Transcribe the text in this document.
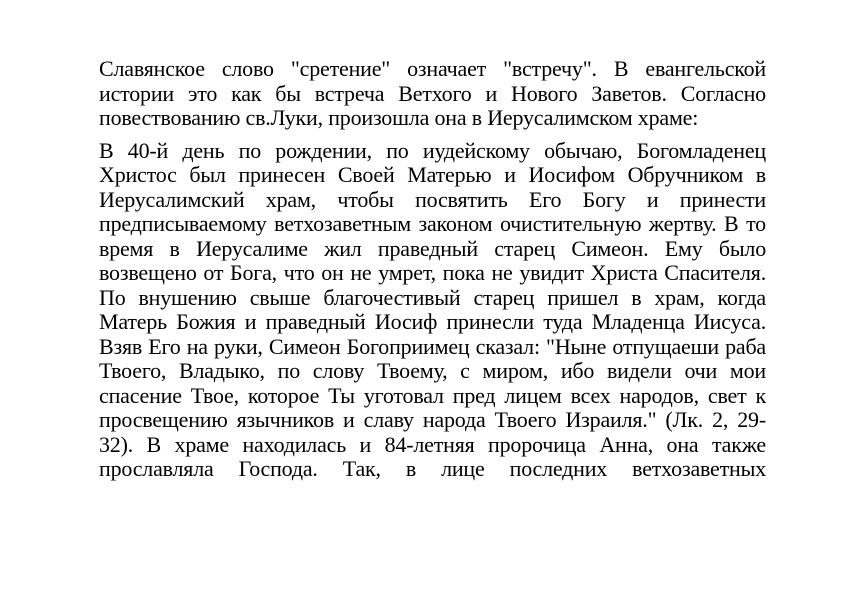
Славянское слово "сретение" означает "встречу". В евангельской
истории это как бы встреча Ветхого и Нового Заветов. Согласно
повествованию св.Луки, произошла она в Иерусалимском храме:

В 40-й день по рождении, по иудейскому обычаю, Богомладенец
Христос был принесен Своей Матерью и Иосифом Обручником в
Иерусалимский храм, чтобы посвятить Его Богу и принести
предписываемому ветхозаветным законом очистительную жертву. В то
время в Иерусалиме жил праведный старец Симеон. Ему было
возвещено от Бога, что он не умрет, пока не увидит Христа Спасителя.
По внушению свыше благочестивый старец пришел в храм, когда
Матерь Божия и праведный Иосиф принесли туда Младенца Иисуса.
Взяв Его на руки, Симеон Богоприимец сказал: "Ныне отпущаеши раба
Твоего, Владыко, по слову Твоему, с миром, ибо видели очи мои
спасение Твое, которое Ты уготовал пред лицем всех народов, свет к
просвещению язычников и славу народа Твоего Израиля." (Лк. 2, 29-
32). В храме находилась и 84-летняя пророчица Анна, она также
прославляла Господа. Так, в лице последних ветхозаветных
